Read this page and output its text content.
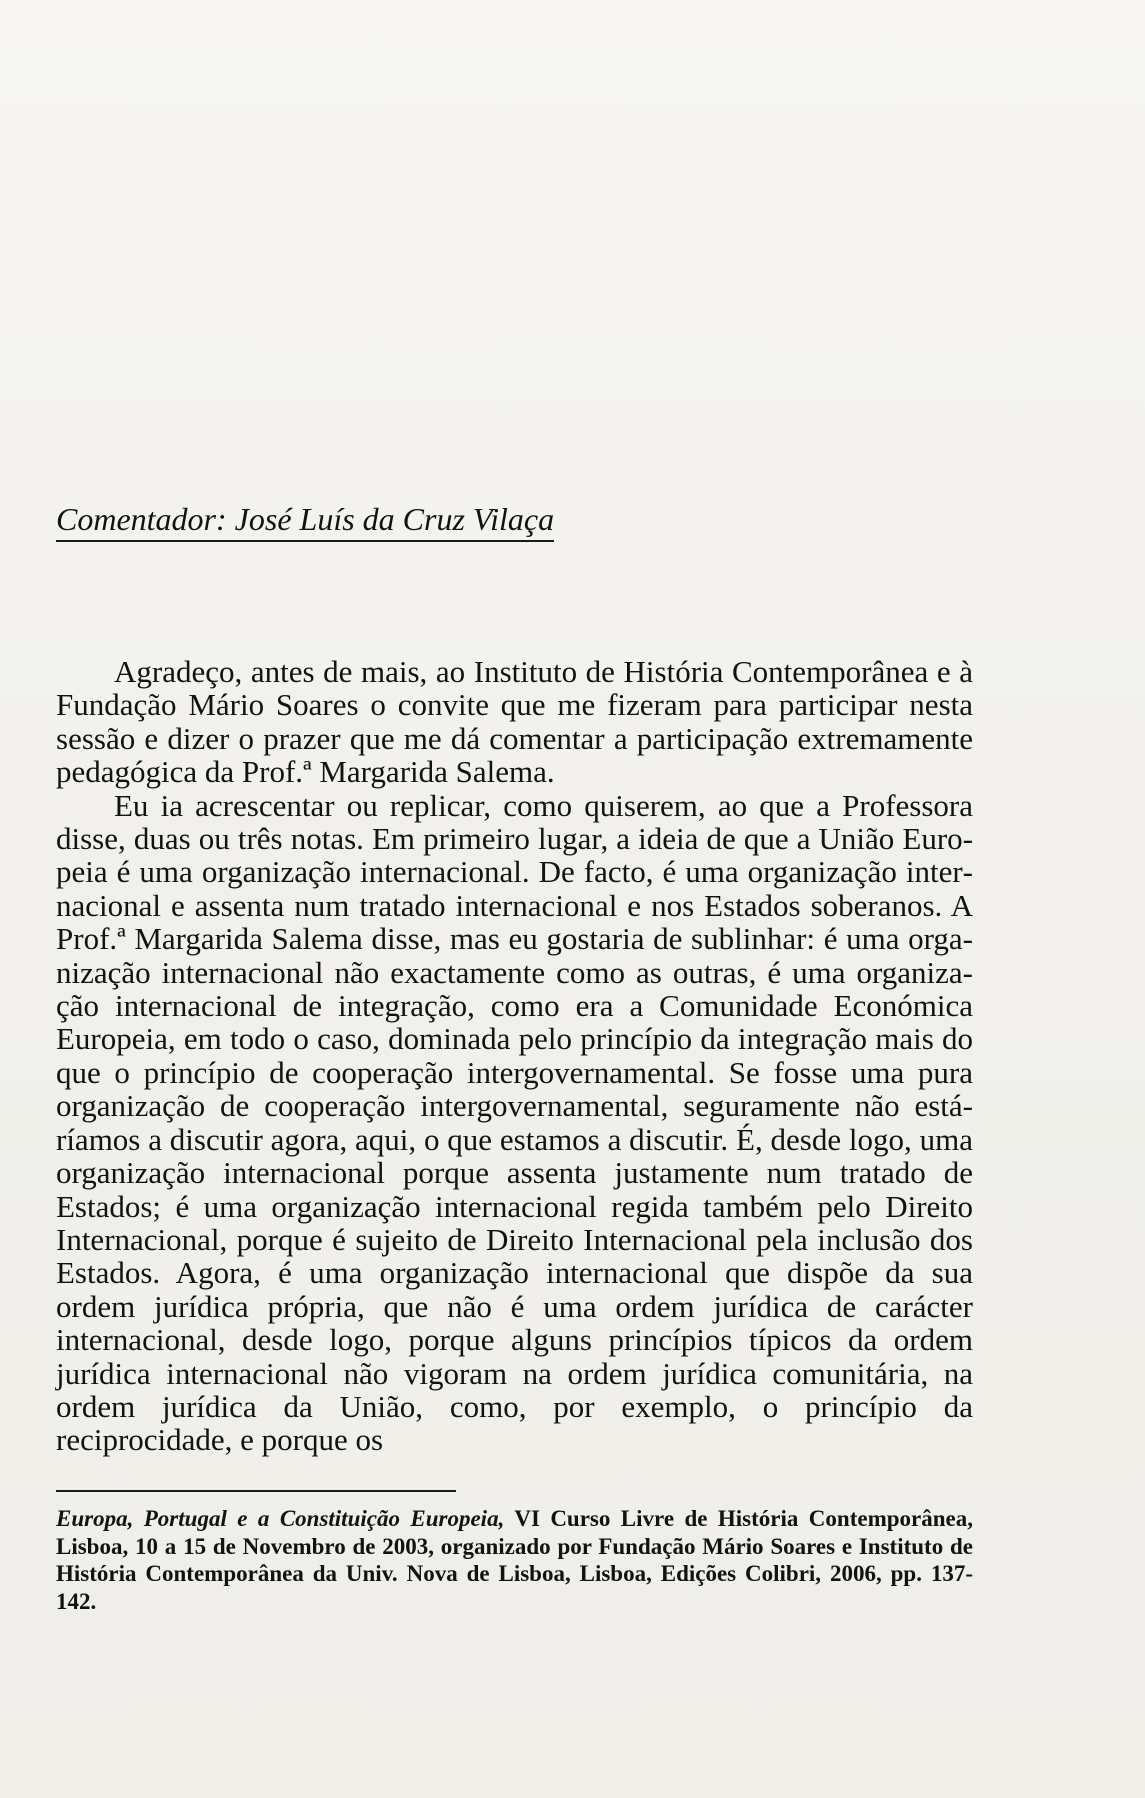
Comentador: José Luís da Cruz Vilaça

Agradeço, antes de mais, ao Instituto de História Contemporânea e à Fundação Mário Soares o convite que me fizeram para participar nesta sessão e dizer o prazer que me dá comentar a participação extremamente pedagógica da Prof.ª Margarida Salema.

Eu ia acrescentar ou replicar, como quiserem, ao que a Professora disse, duas ou três notas. Em primeiro lugar, a ideia de que a União Europeia é uma organização internacional. De facto, é uma organização internacional e assenta num tratado internacional e nos Estados soberanos. A Prof.ª Margarida Salema disse, mas eu gostaria de sublinhar: é uma organização internacional não exactamente como as outras, é uma organização internacional de integração, como era a Comunidade Económica Europeia, em todo o caso, dominada pelo princípio da integração mais do que o princípio de cooperação intergovernamental. Se fosse uma pura organização de cooperação intergovernamental, seguramente não estáríamos a discutir agora, aqui, o que estamos a discutir. É, desde logo, uma organização internacional porque assenta justamente num tratado de Estados; é uma organização internacional regida também pelo Direito Internacional, porque é sujeito de Direito Internacional pela inclusão dos Estados. Agora, é uma organização internacional que dispõe da sua ordem jurídica própria, que não é uma ordem jurídica de carácter internacional, desde logo, porque alguns princípios típicos da ordem jurídica internacional não vigoram na ordem jurídica comunitária, na ordem jurídica da União, como, por exemplo, o princípio da reciprocidade, e porque os

Europa, Portugal e a Constituição Europeia, VI Curso Livre de História Contemporânea, Lisboa, 10 a 15 de Novembro de 2003, organizado por Fundação Mário Soares e Instituto de História Contemporânea da Univ. Nova de Lisboa, Lisboa, Edições Colibri, 2006, pp. 137-142.
